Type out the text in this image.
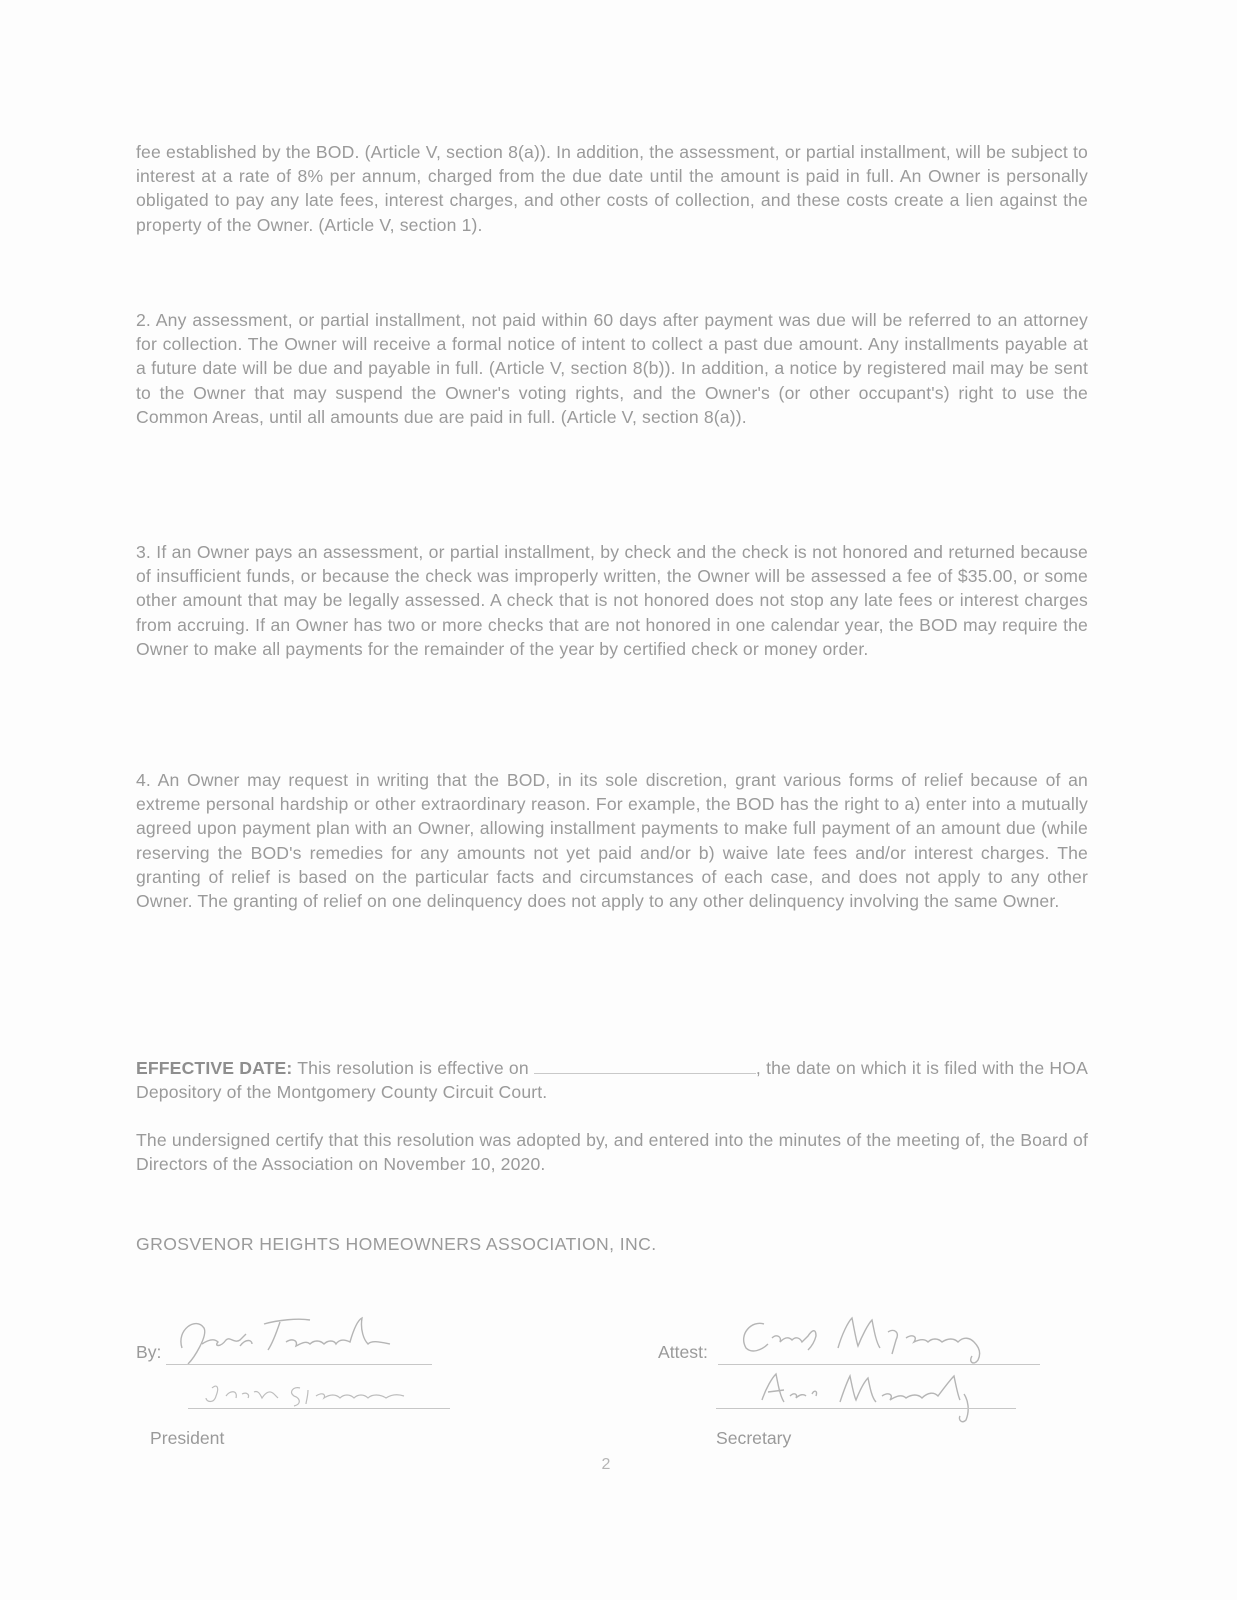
fee established by the BOD. (Article V, section 8(a)). In addition, the assessment, or partial installment, will be subject to interest at a rate of 8% per annum, charged from the due date until the amount is paid in full. An Owner is personally obligated to pay any late fees, interest charges, and other costs of collection, and these costs create a lien against the property of the Owner. (Article V, section 1).

2. Any assessment, or partial installment, not paid within 60 days after payment was due will be referred to an attorney for collection. The Owner will receive a formal notice of intent to collect a past due amount. Any installments payable at a future date will be due and payable in full. (Article V, section 8(b)). In addition, a notice by registered mail may be sent to the Owner that may suspend the Owner's voting rights, and the Owner's (or other occupant's) right to use the Common Areas, until all amounts due are paid in full. (Article V, section 8(a)).

3. If an Owner pays an assessment, or partial installment, by check and the check is not honored and returned because of insufficient funds, or because the check was improperly written, the Owner will be assessed a fee of $35.00, or some other amount that may be legally assessed. A check that is not honored does not stop any late fees or interest charges from accruing. If an Owner has two or more checks that are not honored in one calendar year, the BOD may require the Owner to make all payments for the remainder of the year by certified check or money order.

4. An Owner may request in writing that the BOD, in its sole discretion, grant various forms of relief because of an extreme personal hardship or other extraordinary reason. For example, the BOD has the right to a) enter into a mutually agreed upon payment plan with an Owner, allowing installment payments to make full payment of an amount due (while reserving the BOD's remedies for any amounts not yet paid and/or b) waive late fees and/or interest charges. The granting of relief is based on the particular facts and circumstances of each case, and does not apply to any other Owner. The granting of relief on one delinquency does not apply to any other delinquency involving the same Owner.

EFFECTIVE DATE: This resolution is effective on	, the date on which it is filed with the HOA Depository of the Montgomery County Circuit Court.

The undersigned certify that this resolution was adopted by, and entered into the minutes of the meeting of, the Board of Directors of the Association on November 10, 2020.

GROSVENOR HEIGHTS HOMEOWNERS ASSOCIATION, INC.

By:
President
Attest:
Secretary
2
